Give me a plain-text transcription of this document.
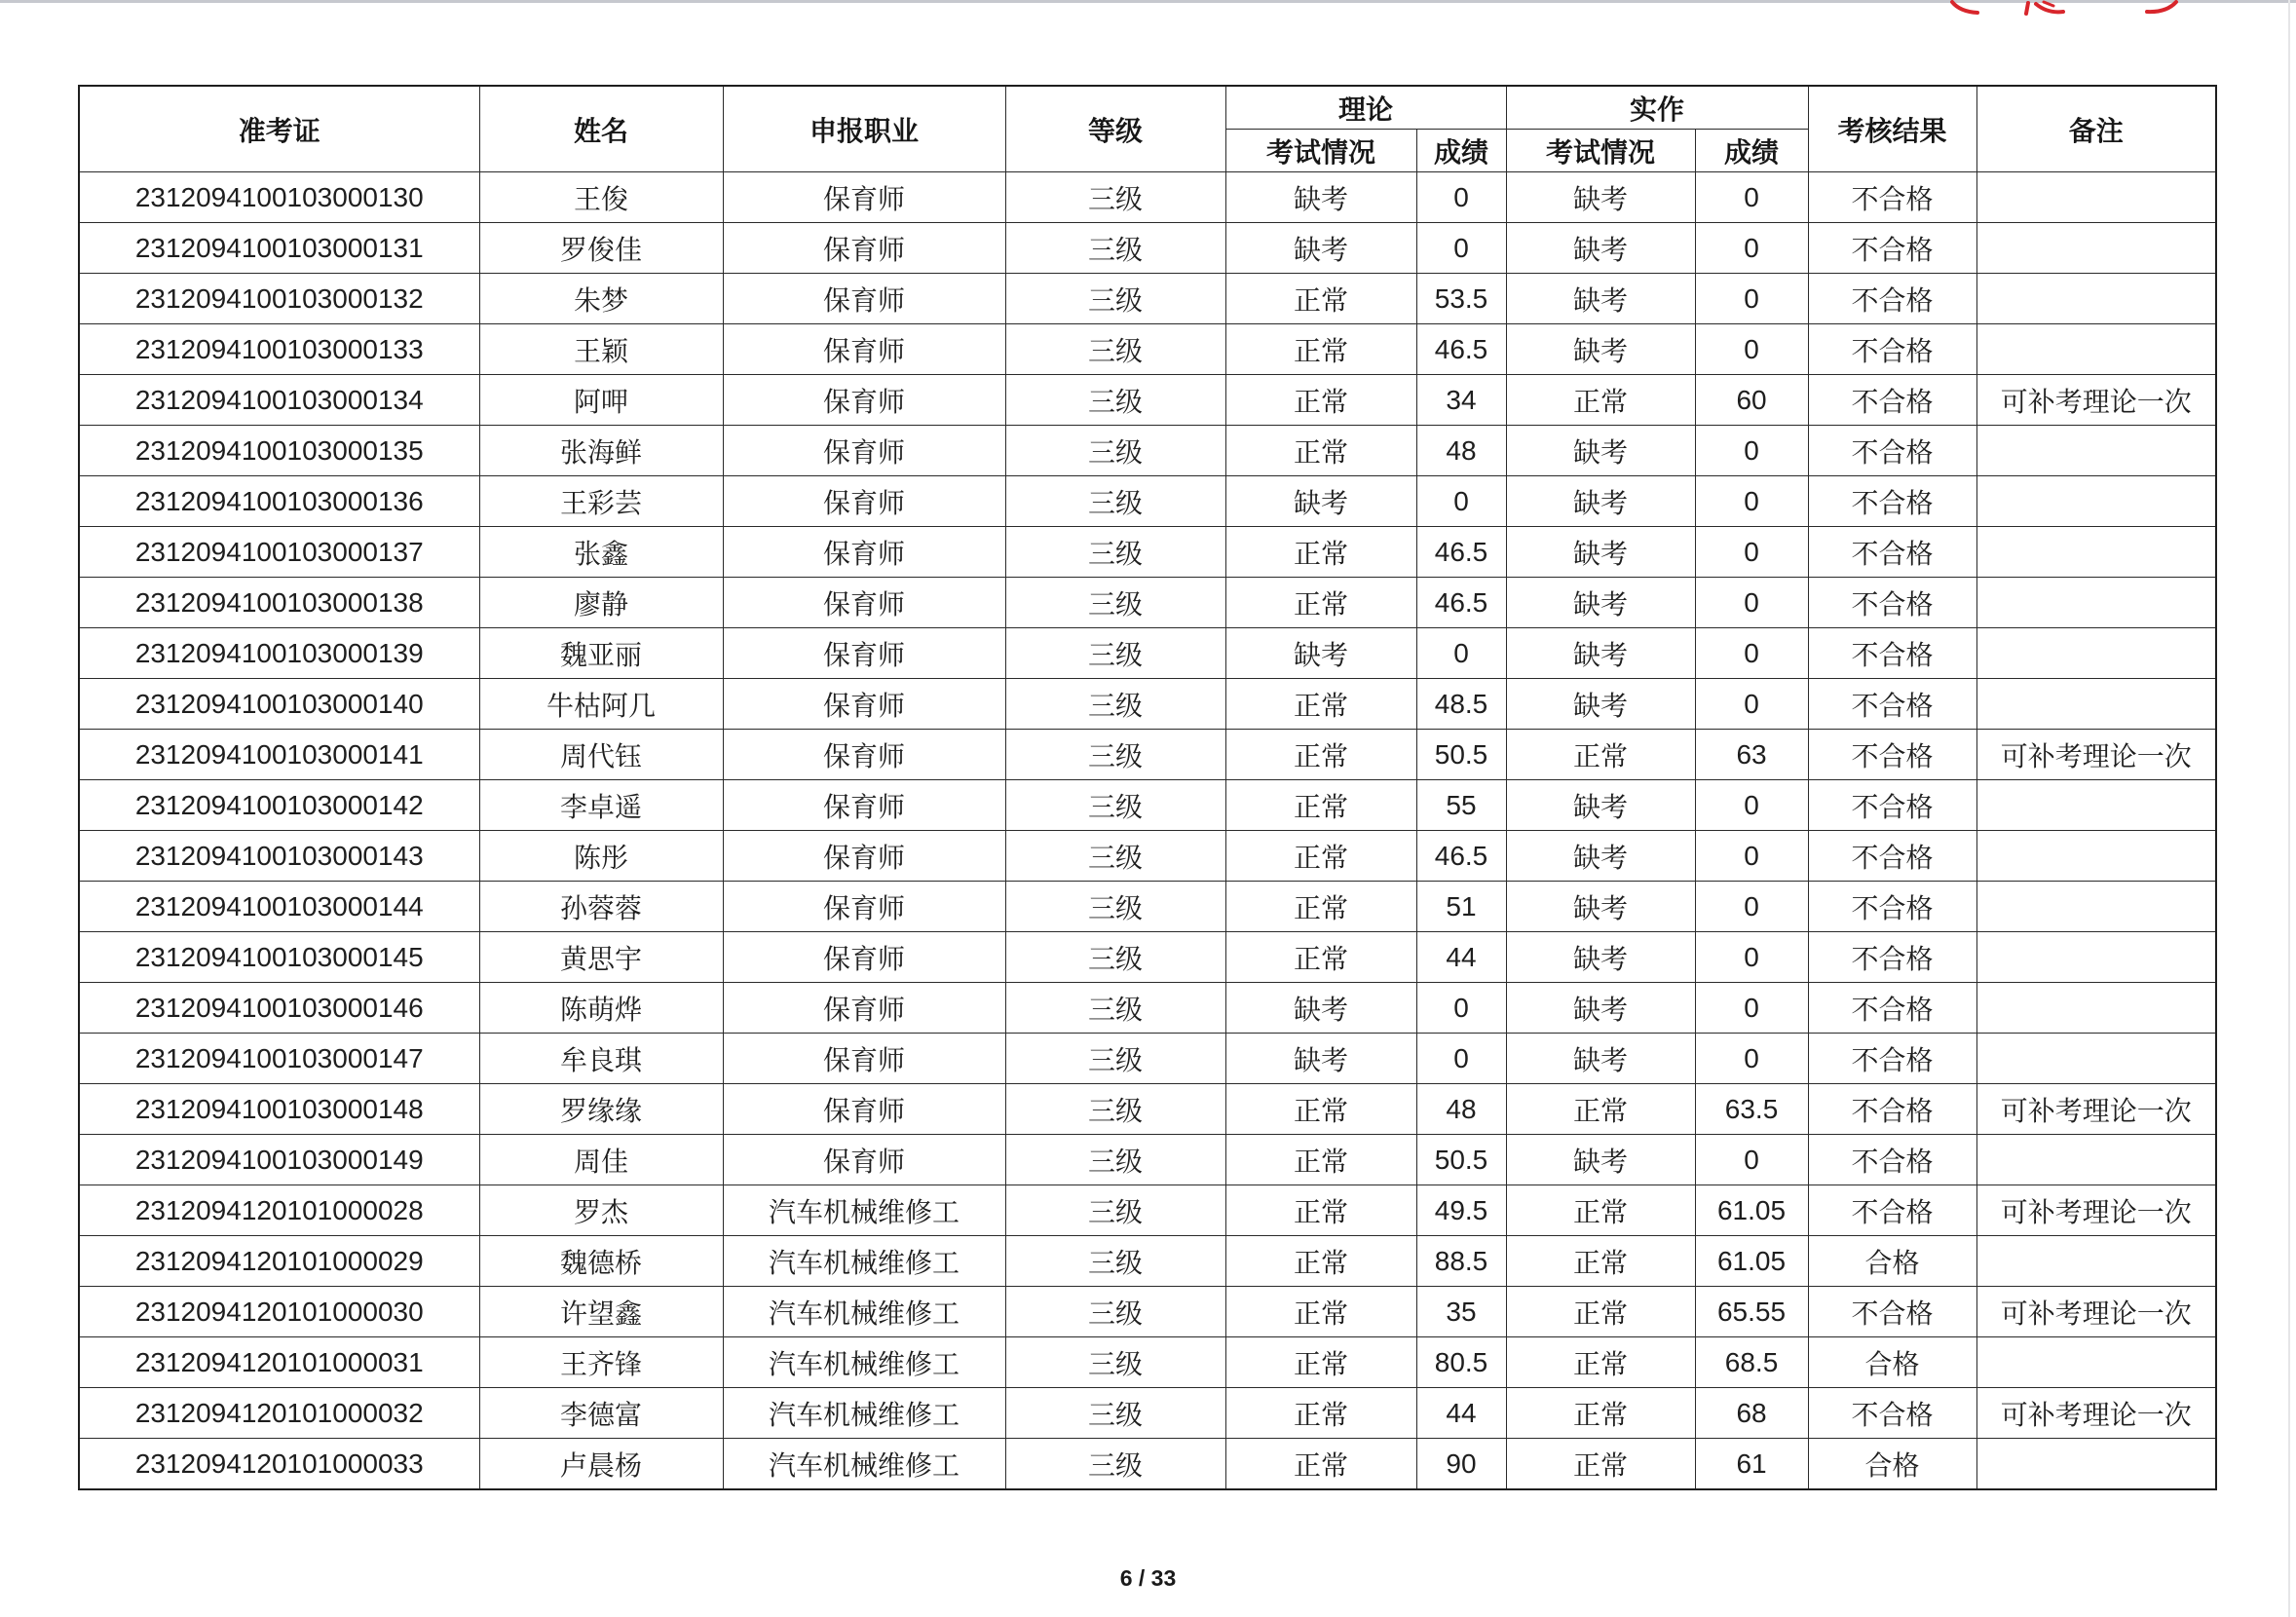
准考证	姓名	申报职业	等级	理论		实作		考核结果	备注
				考试情况	成绩	考试情况	成绩		
2312094100103000130	王俊	保育师	三级	缺考	0	缺考	0	不合格	
2312094100103000131	罗俊佳	保育师	三级	缺考	0	缺考	0	不合格	
2312094100103000132	朱梦	保育师	三级	正常	53.5	缺考	0	不合格	
2312094100103000133	王颖	保育师	三级	正常	46.5	缺考	0	不合格	
2312094100103000134	阿呷	保育师	三级	正常	34	正常	60	不合格	可补考理论一次
2312094100103000135	张海鲜	保育师	三级	正常	48	缺考	0	不合格	
2312094100103000136	王彩芸	保育师	三级	缺考	0	缺考	0	不合格	
2312094100103000137	张鑫	保育师	三级	正常	46.5	缺考	0	不合格	
2312094100103000138	廖静	保育师	三级	正常	46.5	缺考	0	不合格	
2312094100103000139	魏亚丽	保育师	三级	缺考	0	缺考	0	不合格	
2312094100103000140	牛枯阿几	保育师	三级	正常	48.5	缺考	0	不合格	
2312094100103000141	周代钰	保育师	三级	正常	50.5	正常	63	不合格	可补考理论一次
2312094100103000142	李卓遥	保育师	三级	正常	55	缺考	0	不合格	
2312094100103000143	陈彤	保育师	三级	正常	46.5	缺考	0	不合格	
2312094100103000144	孙蓉蓉	保育师	三级	正常	51	缺考	0	不合格	
2312094100103000145	黄思宇	保育师	三级	正常	44	缺考	0	不合格	
2312094100103000146	陈萌烨	保育师	三级	缺考	0	缺考	0	不合格	
2312094100103000147	牟良琪	保育师	三级	缺考	0	缺考	0	不合格	
2312094100103000148	罗缘缘	保育师	三级	正常	48	正常	63.5	不合格	可补考理论一次
2312094100103000149	周佳	保育师	三级	正常	50.5	缺考	0	不合格	
2312094120101000028	罗杰	汽车机械维修工	三级	正常	49.5	正常	61.05	不合格	可补考理论一次
2312094120101000029	魏德桥	汽车机械维修工	三级	正常	88.5	正常	61.05	合格	
2312094120101000030	许望鑫	汽车机械维修工	三级	正常	35	正常	65.55	不合格	可补考理论一次
2312094120101000031	王齐锋	汽车机械维修工	三级	正常	80.5	正常	68.5	合格	
2312094120101000032	李德富	汽车机械维修工	三级	正常	44	正常	68	不合格	可补考理论一次
2312094120101000033	卢晨杨	汽车机械维修工	三级	正常	90	正常	61	合格	
6 / 33
